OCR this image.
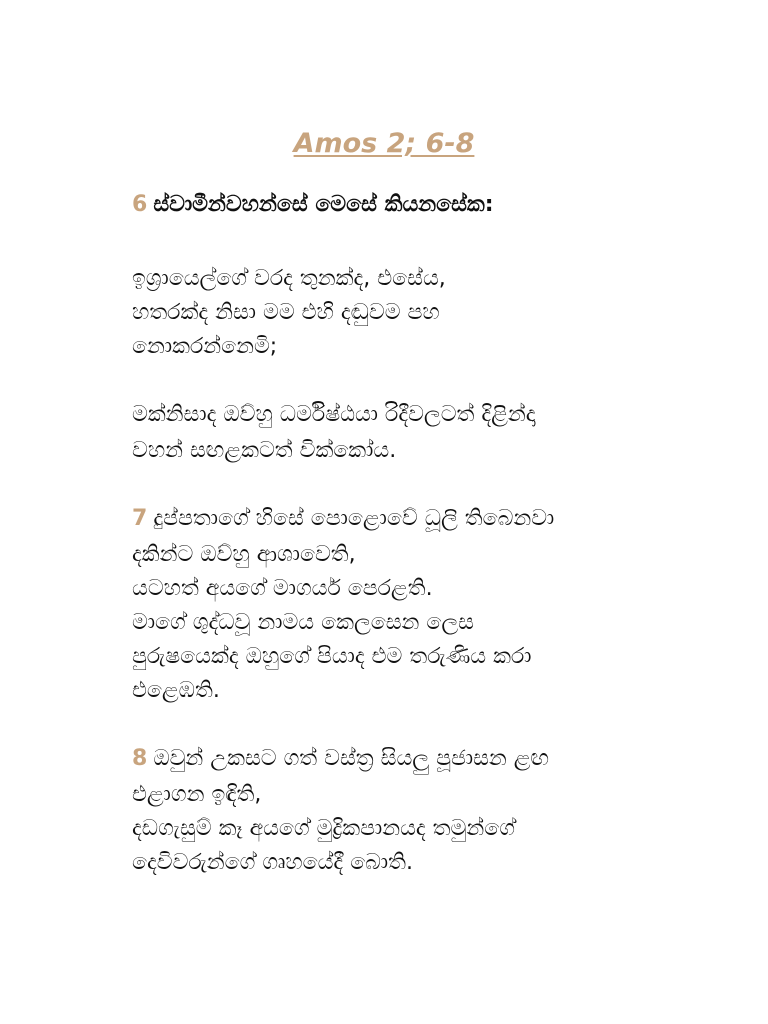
Amos 2; 6-8
6 ස්වාමීන්වහන්සේ මෙසේ කියනසේක:
ඉශ්‍රායෙල්ගේ වරද තුනක්ද, එසේය,
හතරක්ද නිසා මම එහි දඬුවම පහ
නොකරන්නෙමි;
මක්නිසාද ඔව්හු ධර්මිෂ්ඨයා රිදීවලටත් දිළින්දා
වහන් සඟළකටත් වික්කෝය.
7 දුප්පතාගේ හිසේ පොළොවේ ධූලි තිබෙනවා
දකින්ට ඔව්හු ආශාවෙති,
යටහත් අයගේ මාගර්ය පෙරළති.
මාගේ ශුද්ධවූ නාමය කෙලසෙන ලෙස
පුරුෂයෙක්ද ඔහුගේ පියාද එම තරුණිය කරා
එළෙඹති.
8 ඔවුන් උකසට ගත් වස්ත්‍ර සියලු පූජාසන ළඟ
එළාගන ඉඳිති,
දඩගැසුම් කෑ අයගේ මුද්‍රිකපානයද තමුන්ගේ
දෙවිවරුන්ගේ ගෘහයේදී බොති.
